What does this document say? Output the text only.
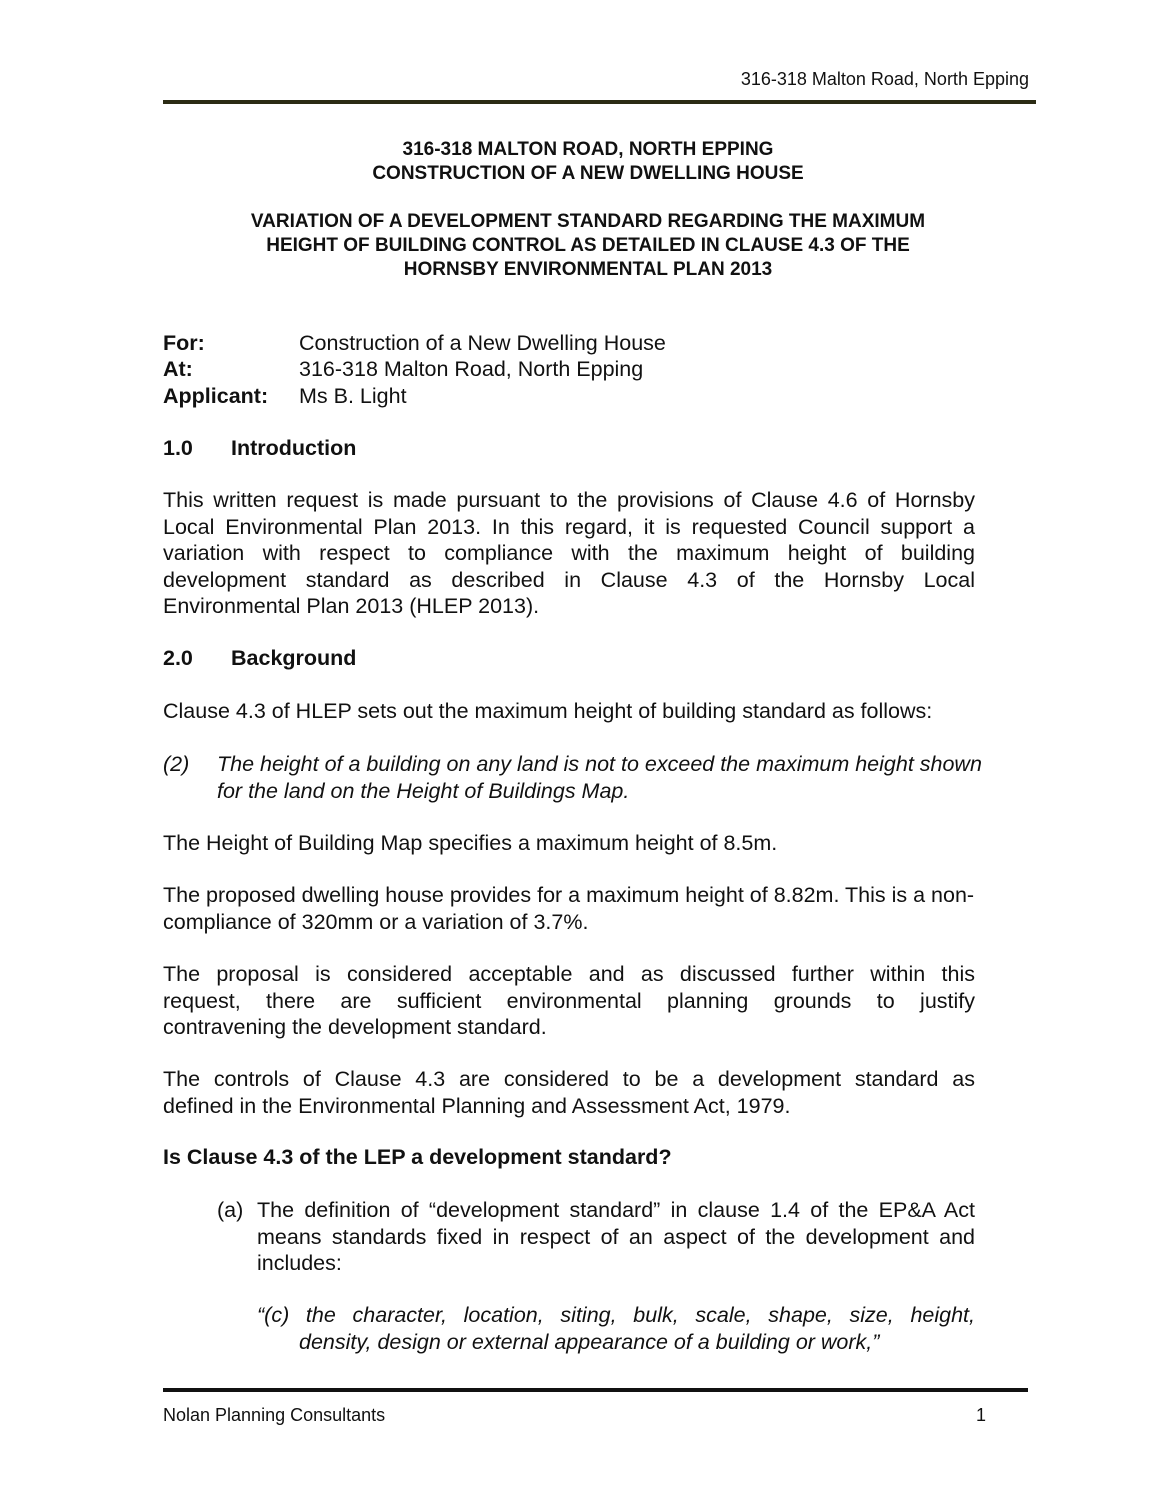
316-318 Malton Road, North Epping
316-318 MALTON ROAD, NORTH EPPING
CONSTRUCTION OF A NEW DWELLING HOUSE
VARIATION OF A DEVELOPMENT STANDARD REGARDING THE MAXIMUM
HEIGHT OF BUILDING CONTROL AS DETAILED IN CLAUSE 4.3 OF THE
HORNSBY ENVIRONMENTAL PLAN 2013
For:	Construction of a New Dwelling House
At:	316-318 Malton Road, North Epping
Applicant: Ms B. Light
1.0 Introduction
This written request is made pursuant to the provisions of Clause 4.6 of Hornsby
Local Environmental Plan 2013. In this regard, it is requested Council support a
variation with respect to compliance with the maximum height of building
development standard as described in Clause 4.3 of the Hornsby Local
Environmental Plan 2013 (HLEP 2013).
2.0 Background
Clause 4.3 of HLEP sets out the maximum height of building standard as follows:
(2) The height of a building on any land is not to exceed the maximum height shown
for the land on the Height of Buildings Map.
The Height of Building Map specifies a maximum height of 8.5m.
The proposed dwelling house provides for a maximum height of 8.82m. This is a non-
compliance of 320mm or a variation of 3.7%.
The proposal is considered acceptable and as discussed further within this
request, there are sufficient environmental planning grounds to justify
contravening the development standard.
The controls of Clause 4.3 are considered to be a development standard as
defined in the Environmental Planning and Assessment Act, 1979.
Is Clause 4.3 of the LEP a development standard?
(a) The definition of “development standard” in clause 1.4 of the EP&A Act
means standards fixed in respect of an aspect of the development and
includes:
“(c) the character, location, siting, bulk, scale, shape, size, height,
density, design or external appearance of a building or work,”
Nolan Planning Consultants	1
